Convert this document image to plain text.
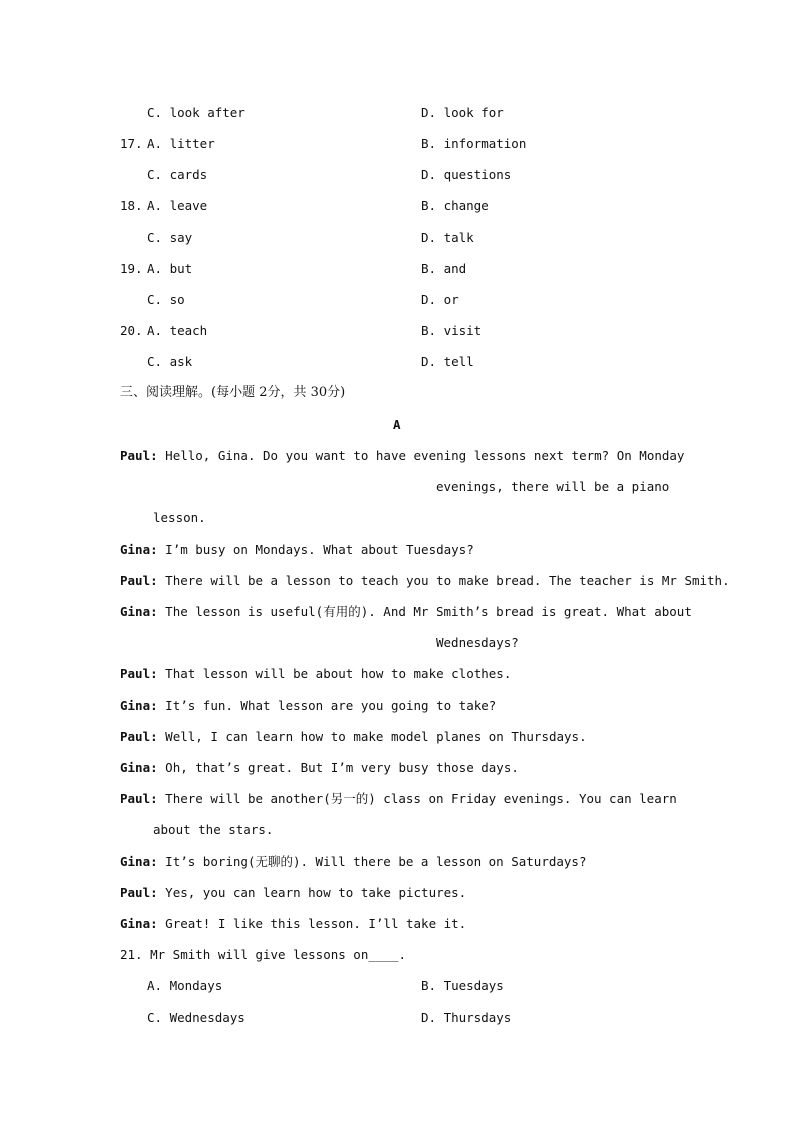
C. look after	D. look for
17. A. litter	B. information
C. cards	D. questions
18. A. leave	B. change
C. say	D. talk
19. A. but	B. and
C. so	D. or
20. A. teach	B. visit
C. ask	D. tell
三、阅读理解。(每小题 2分，共 30分)
A
Paul: Hello, Gina. Do you want to have evening lessons next term? On Monday
evenings, there will be a piano
lesson.
Gina: I’m busy on Mondays. What about Tuesdays?
Paul: There will be a lesson to teach you to make bread. The teacher is Mr Smith.
Gina: The lesson is useful(有用的). And Mr Smith’s bread is great. What about
Wednesdays?
Paul: That lesson will be about how to make clothes.
Gina: It’s fun. What lesson are you going to take?
Paul: Well, I can learn how to make model planes on Thursdays.
Gina: Oh, that’s great. But I’m very busy those days.
Paul: There will be another(另一的) class on Friday evenings. You can learn
about the stars.
Gina: It’s boring(无聊的). Will there be a lesson on Saturdays?
Paul: Yes, you can learn how to take pictures.
Gina: Great! I like this lesson. I’ll take it.
21. Mr Smith will give lessons on____.
A. Mondays	B. Tuesdays
C. Wednesdays	D. Thursdays
